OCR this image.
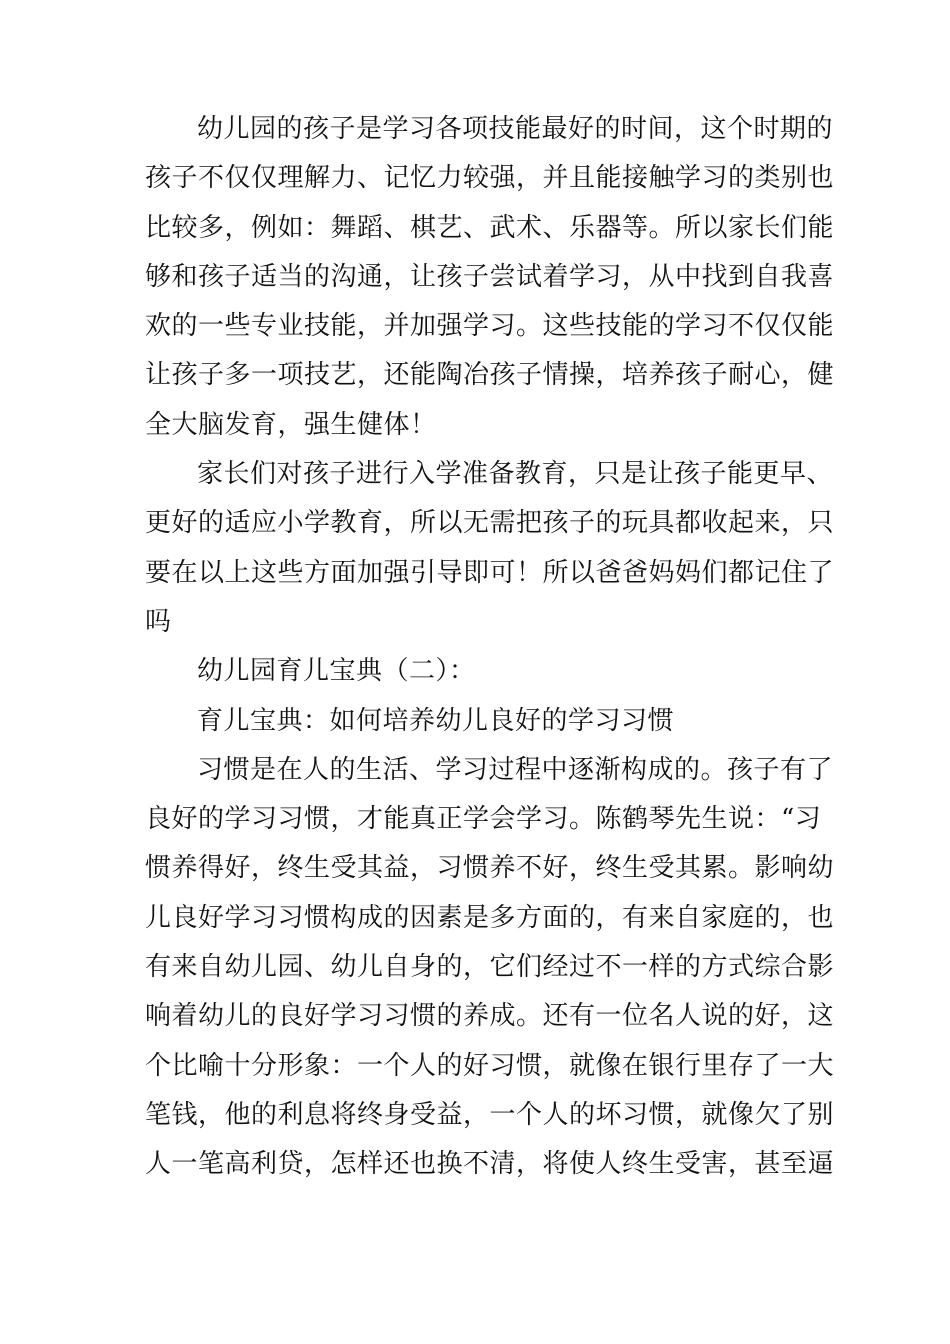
幼儿园的孩子是学习各项技能最好的时间，这个时期的
孩子不仅仅理解力、记忆力较强，并且能接触学习的类别也
比较多，例如：舞蹈、棋艺、武术、乐器等。所以家长们能
够和孩子适当的沟通，让孩子尝试着学习，从中找到自我喜
欢的一些专业技能，并加强学习。这些技能的学习不仅仅能
让孩子多一项技艺，还能陶冶孩子情操，培养孩子耐心，健
全大脑发育，强生健体！
家长们对孩子进行入学准备教育，只是让孩子能更早、
更好的适应小学教育，所以无需把孩子的玩具都收起来，只
要在以上这些方面加强引导即可！所以爸爸妈妈们都记住了
吗
幼儿园育儿宝典（二）：
育儿宝典：如何培养幼儿良好的学习习惯
习惯是在人的生活、学习过程中逐渐构成的。孩子有了
良好的学习习惯，才能真正学会学习。陈鹤琴先生说：“习
惯养得好，终生受其益，习惯养不好，终生受其累。影响幼
儿良好学习习惯构成的因素是多方面的，有来自家庭的，也
有来自幼儿园、幼儿自身的，它们经过不一样的方式综合影
响着幼儿的良好学习习惯的养成。还有一位名人说的好，这
个比喻十分形象：一个人的好习惯，就像在银行里存了一大
笔钱，他的利息将终身受益，一个人的坏习惯，就像欠了别
人一笔高利贷，怎样还也换不清，将使人终生受害，甚至逼
